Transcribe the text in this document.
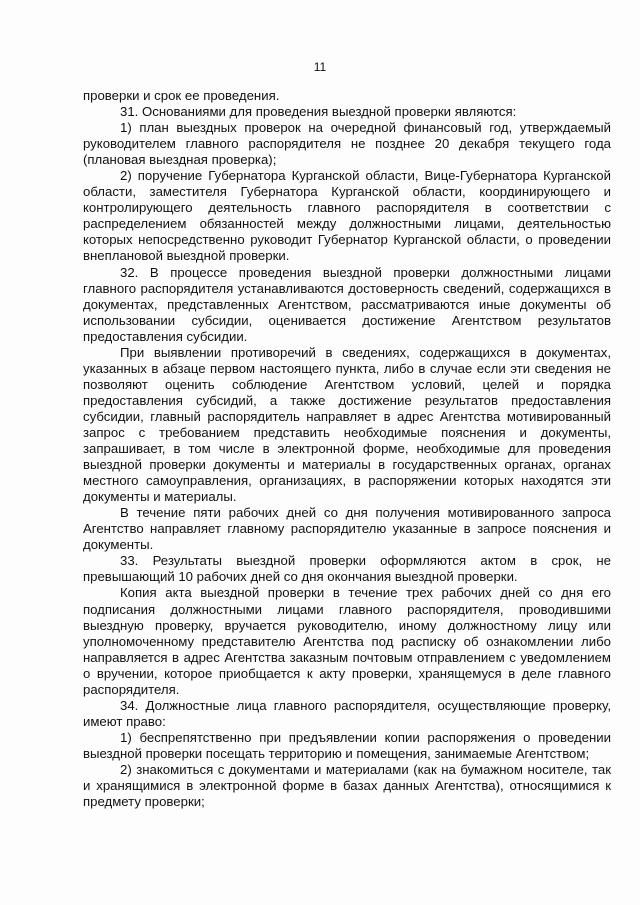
11

проверки и срок ее проведения.

31. Основаниями для проведения выездной проверки являются:

1) план выездных проверок на очередной финансовый год, утверждаемый руководителем главного распорядителя не позднее 20 декабря текущего года (плановая выездная проверка);

2) поручение Губернатора Курганской области, Вице-Губернатора Курганской области, заместителя Губернатора Курганской области, координирующего и контролирующего деятельность главного распорядителя в соответствии с распределением обязанностей между должностными лицами, деятельностью которых непосредственно руководит Губернатор Курганской области, о проведении внеплановой выездной проверки.

32. В процессе проведения выездной проверки должностными лицами главного распорядителя устанавливаются достоверность сведений, содержащихся в документах, представленных Агентством, рассматриваются иные документы об использовании субсидии, оценивается достижение Агентством результатов предоставления субсидии.

При выявлении противоречий в сведениях, содержащихся в документах, указанных в абзаце первом настоящего пункта, либо в случае если эти сведения не позволяют оценить соблюдение Агентством условий, целей и порядка предоставления субсидий, а также достижение результатов предоставления субсидии, главный распорядитель направляет в адрес Агентства мотивированный запрос с требованием представить необходимые пояснения и документы, запрашивает, в том числе в электронной форме, необходимые для проведения выездной проверки документы и материалы в государственных органах, органах местного самоуправления, организациях, в распоряжении которых находятся эти документы и материалы.

В течение пяти рабочих дней со дня получения мотивированного запроса Агентство направляет главному распорядителю указанные в запросе пояснения и документы.

33. Результаты выездной проверки оформляются актом в срок, не превышающий 10 рабочих дней со дня окончания выездной проверки.

Копия акта выездной проверки в течение трех рабочих дней со дня его подписания должностными лицами главного распорядителя, проводившими выездную проверку, вручается руководителю, иному должностному лицу или уполномоченному представителю Агентства под расписку об ознакомлении либо направляется в адрес Агентства заказным почтовым отправлением с уведомлением о вручении, которое приобщается к акту проверки, хранящемуся в деле главного распорядителя.

34. Должностные лица главного распорядителя, осуществляющие проверку, имеют право:

1) беспрепятственно при предъявлении копии распоряжения о проведении выездной проверки посещать территорию и помещения, занимаемые Агентством;

2) знакомиться с документами и материалами (как на бумажном носителе, так и хранящимися в электронной форме в базах данных Агентства), относящимися к предмету проверки;
